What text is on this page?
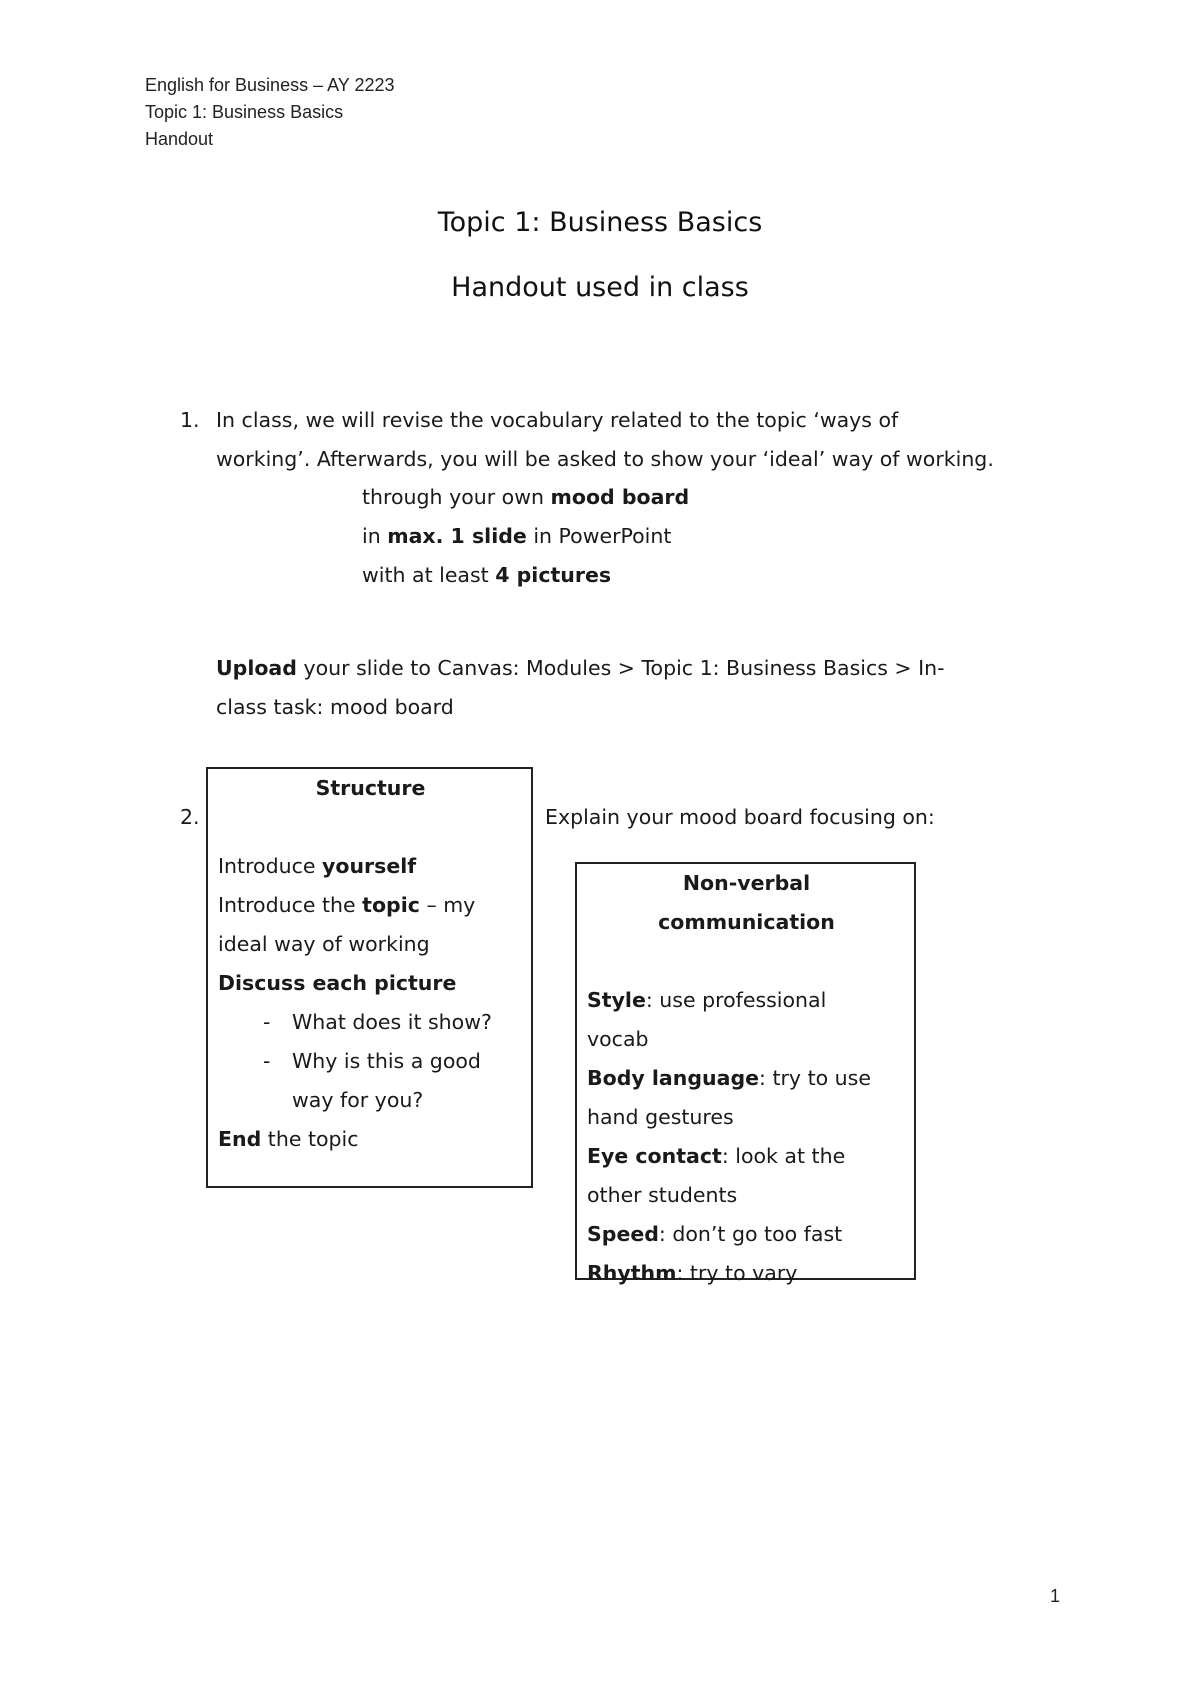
English for Business – AY 2223
Topic 1: Business Basics
Handout
Topic 1: Business Basics
Handout used in class
1. In class, we will revise the vocabulary related to the topic ‘ways of
working’. Afterwards, you will be asked to show your ‘ideal’ way of working.
through your own mood board
in max. 1 slide in PowerPoint
with at least 4 pictures
Upload your slide to Canvas: Modules > Topic 1: Business Basics > In-
class task: mood board
2.	Explain your mood board focusing on:
Structure
Introduce yourself
Introduce the topic – my
ideal way of working
Discuss each picture
-	What does it show?
-	Why is this a good
way for you?
End the topic
Non-verbal
communication
Style: use professional
vocab
Body language: try to use
hand gestures
Eye contact: look at the
other students
Speed: don’t go too fast
Rhythm: try to vary
1
